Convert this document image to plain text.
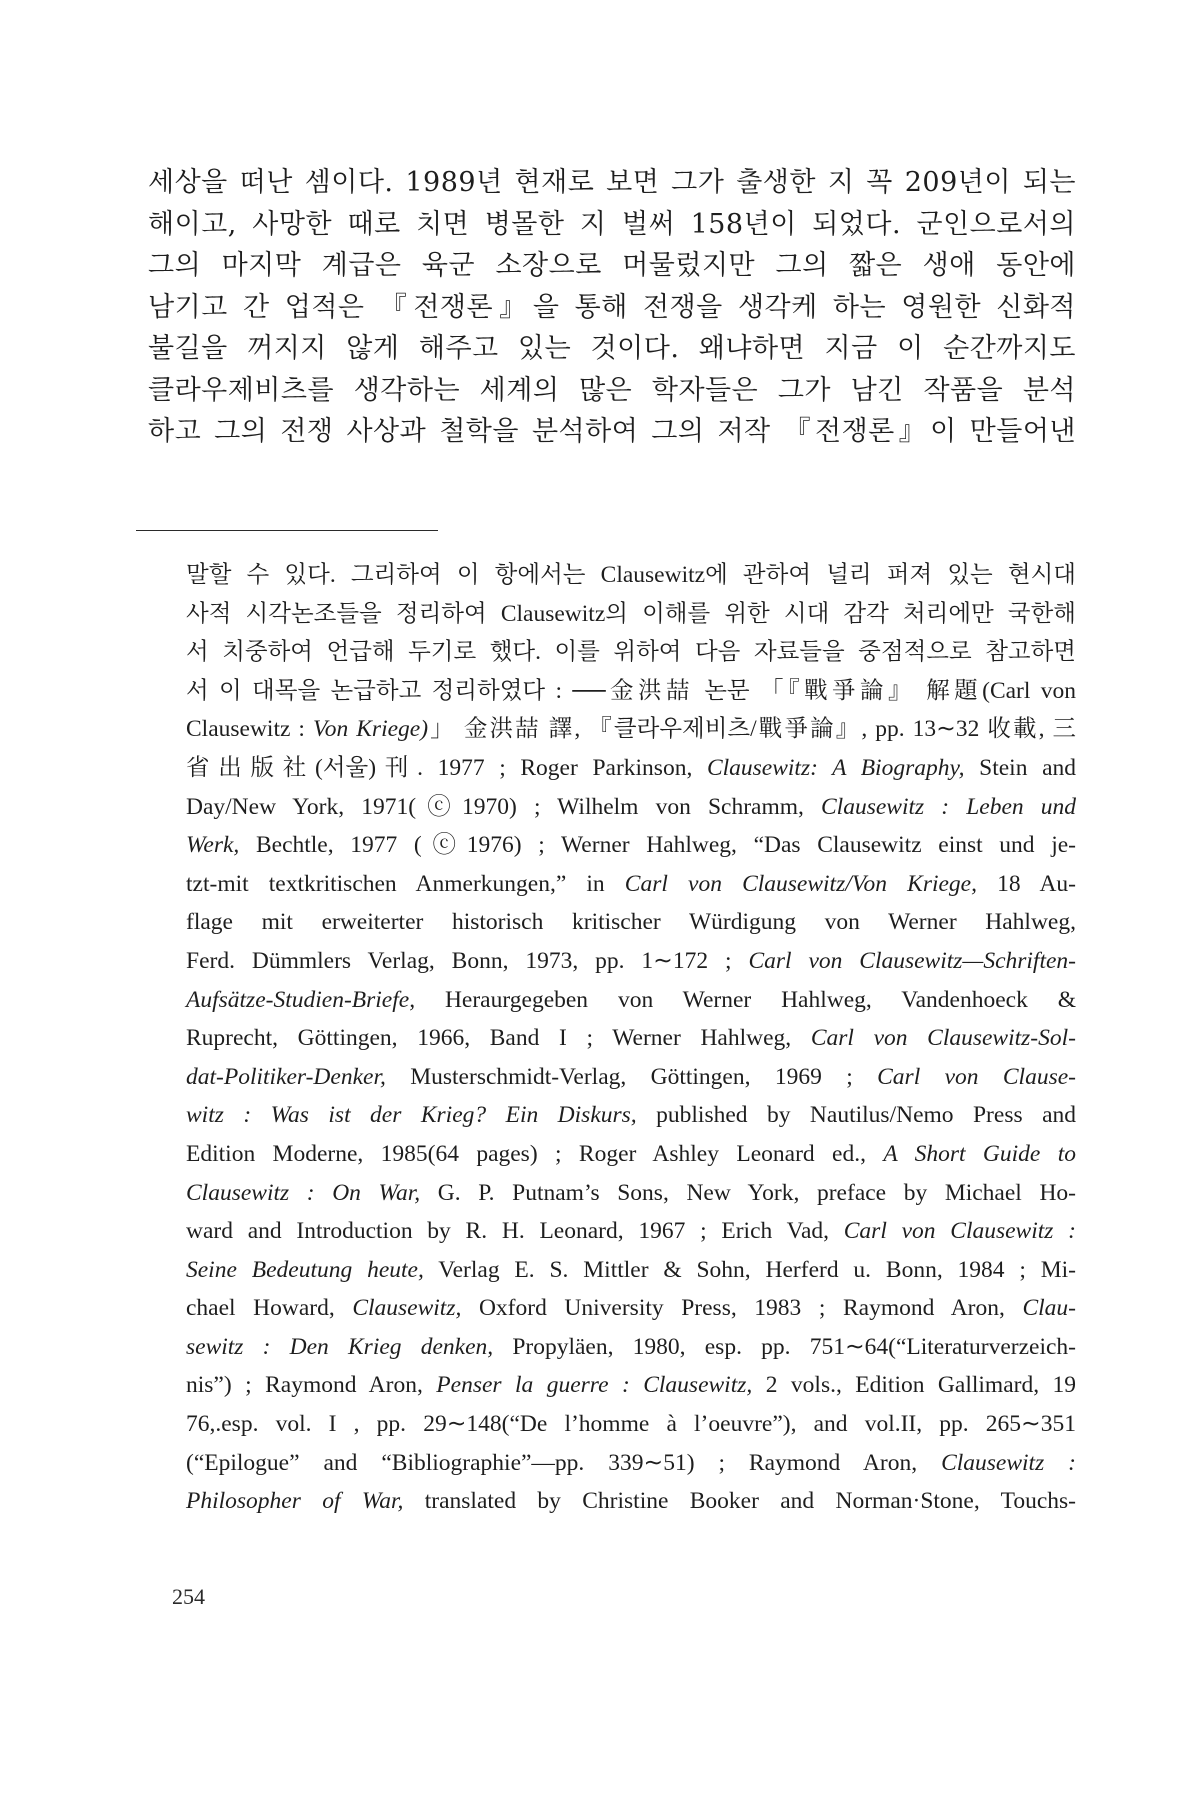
세상을 떠난 셈이다. 1989년 현재로 보면 그가 출생한 지 꼭 209년이 되는
해이고, 사망한 때로 치면 병몰한 지 벌써 158년이 되었다. 군인으로서의
그의 마지막 계급은 육군 소장으로 머물렀지만 그의 짧은 생애 동안에
남기고 간 업적은 『전쟁론』을 통해 전쟁을 생각케 하는 영원한 신화적
불길을 꺼지지 않게 해주고 있는 것이다. 왜냐하면 지금 이 순간까지도
클라우제비츠를 생각하는 세계의 많은 학자들은 그가 남긴 작품을 분석
하고 그의 전쟁 사상과 철학을 분석하여 그의 저작 『전쟁론』이 만들어낸
말할 수 있다. 그리하여 이 항에서는 Clausewitz에 관하여 널리 퍼져 있는 현시대
사적 시각논조들을 정리하여 Clausewitz의 이해를 위한 시대 감각 처리에만 국한해
서 치중하여 언급해 두기로 했다. 이를 위하여 다음 자료들을 중점적으로 참고하면
서 이 대목을 논급하고 정리하였다 : ──金洪喆 논문 「『戰爭論』 解題(Carl von
Clausewitz : Von Kriege)」 金洪喆 譯, 『클라우제비츠/戰爭論』, pp. 13∼32 收載, 三
省出版社(서울)刊. 1977 ; Roger Parkinson, Clausewitz: A Biography, Stein and
Day/New York, 1971(ⓒ1970) ; Wilhelm von Schramm, Clausewitz : Leben und
Werk, Bechtle, 1977 (ⓒ1976) ; Werner Hahlweg, “Das Clausewitz einst und je-
tzt-mit textkritischen Anmerkungen,” in Carl von Clausewitz/Von Kriege, 18 Au-
flage mit erweiterter historisch kritischer Würdigung von Werner Hahlweg,
Ferd. Dümmlers Verlag, Bonn, 1973, pp. 1∼172 ; Carl von Clausewitz—Schriften-
Aufsätze-Studien-Briefe, Heraurgegeben von Werner Hahlweg, Vandenhoeck &
Ruprecht, Göttingen, 1966, Band I ; Werner Hahlweg, Carl von Clausewitz-Sol-
dat-Politiker-Denker, Musterschmidt-Verlag, Göttingen, 1969 ; Carl von Clause-
witz : Was ist der Krieg? Ein Diskurs, published by Nautilus/Nemo Press and
Edition Moderne, 1985(64 pages) ; Roger Ashley Leonard ed., A Short Guide to
Clausewitz : On War, G. P. Putnam’s Sons, New York, preface by Michael Ho-
ward and Introduction by R. H. Leonard, 1967 ; Erich Vad, Carl von Clausewitz :
Seine Bedeutung heute, Verlag E. S. Mittler & Sohn, Herferd u. Bonn, 1984 ; Mi-
chael Howard, Clausewitz, Oxford University Press, 1983 ; Raymond Aron, Clau-
sewitz : Den Krieg denken, Propyläen, 1980, esp. pp. 751∼64(“Literaturverzeich-
nis”) ; Raymond Aron, Penser la guerre : Clausewitz, 2 vols., Edition Gallimard, 19
76,.esp. vol. I , pp. 29∼148(“De l’homme à l’oeuvre”), and vol.II, pp. 265∼351
(“Epilogue” and “Bibliographie”—pp. 339∼51) ; Raymond Aron, Clausewitz :
Philosopher of War, translated by Christine Booker and Norman·Stone, Touchs-
254
